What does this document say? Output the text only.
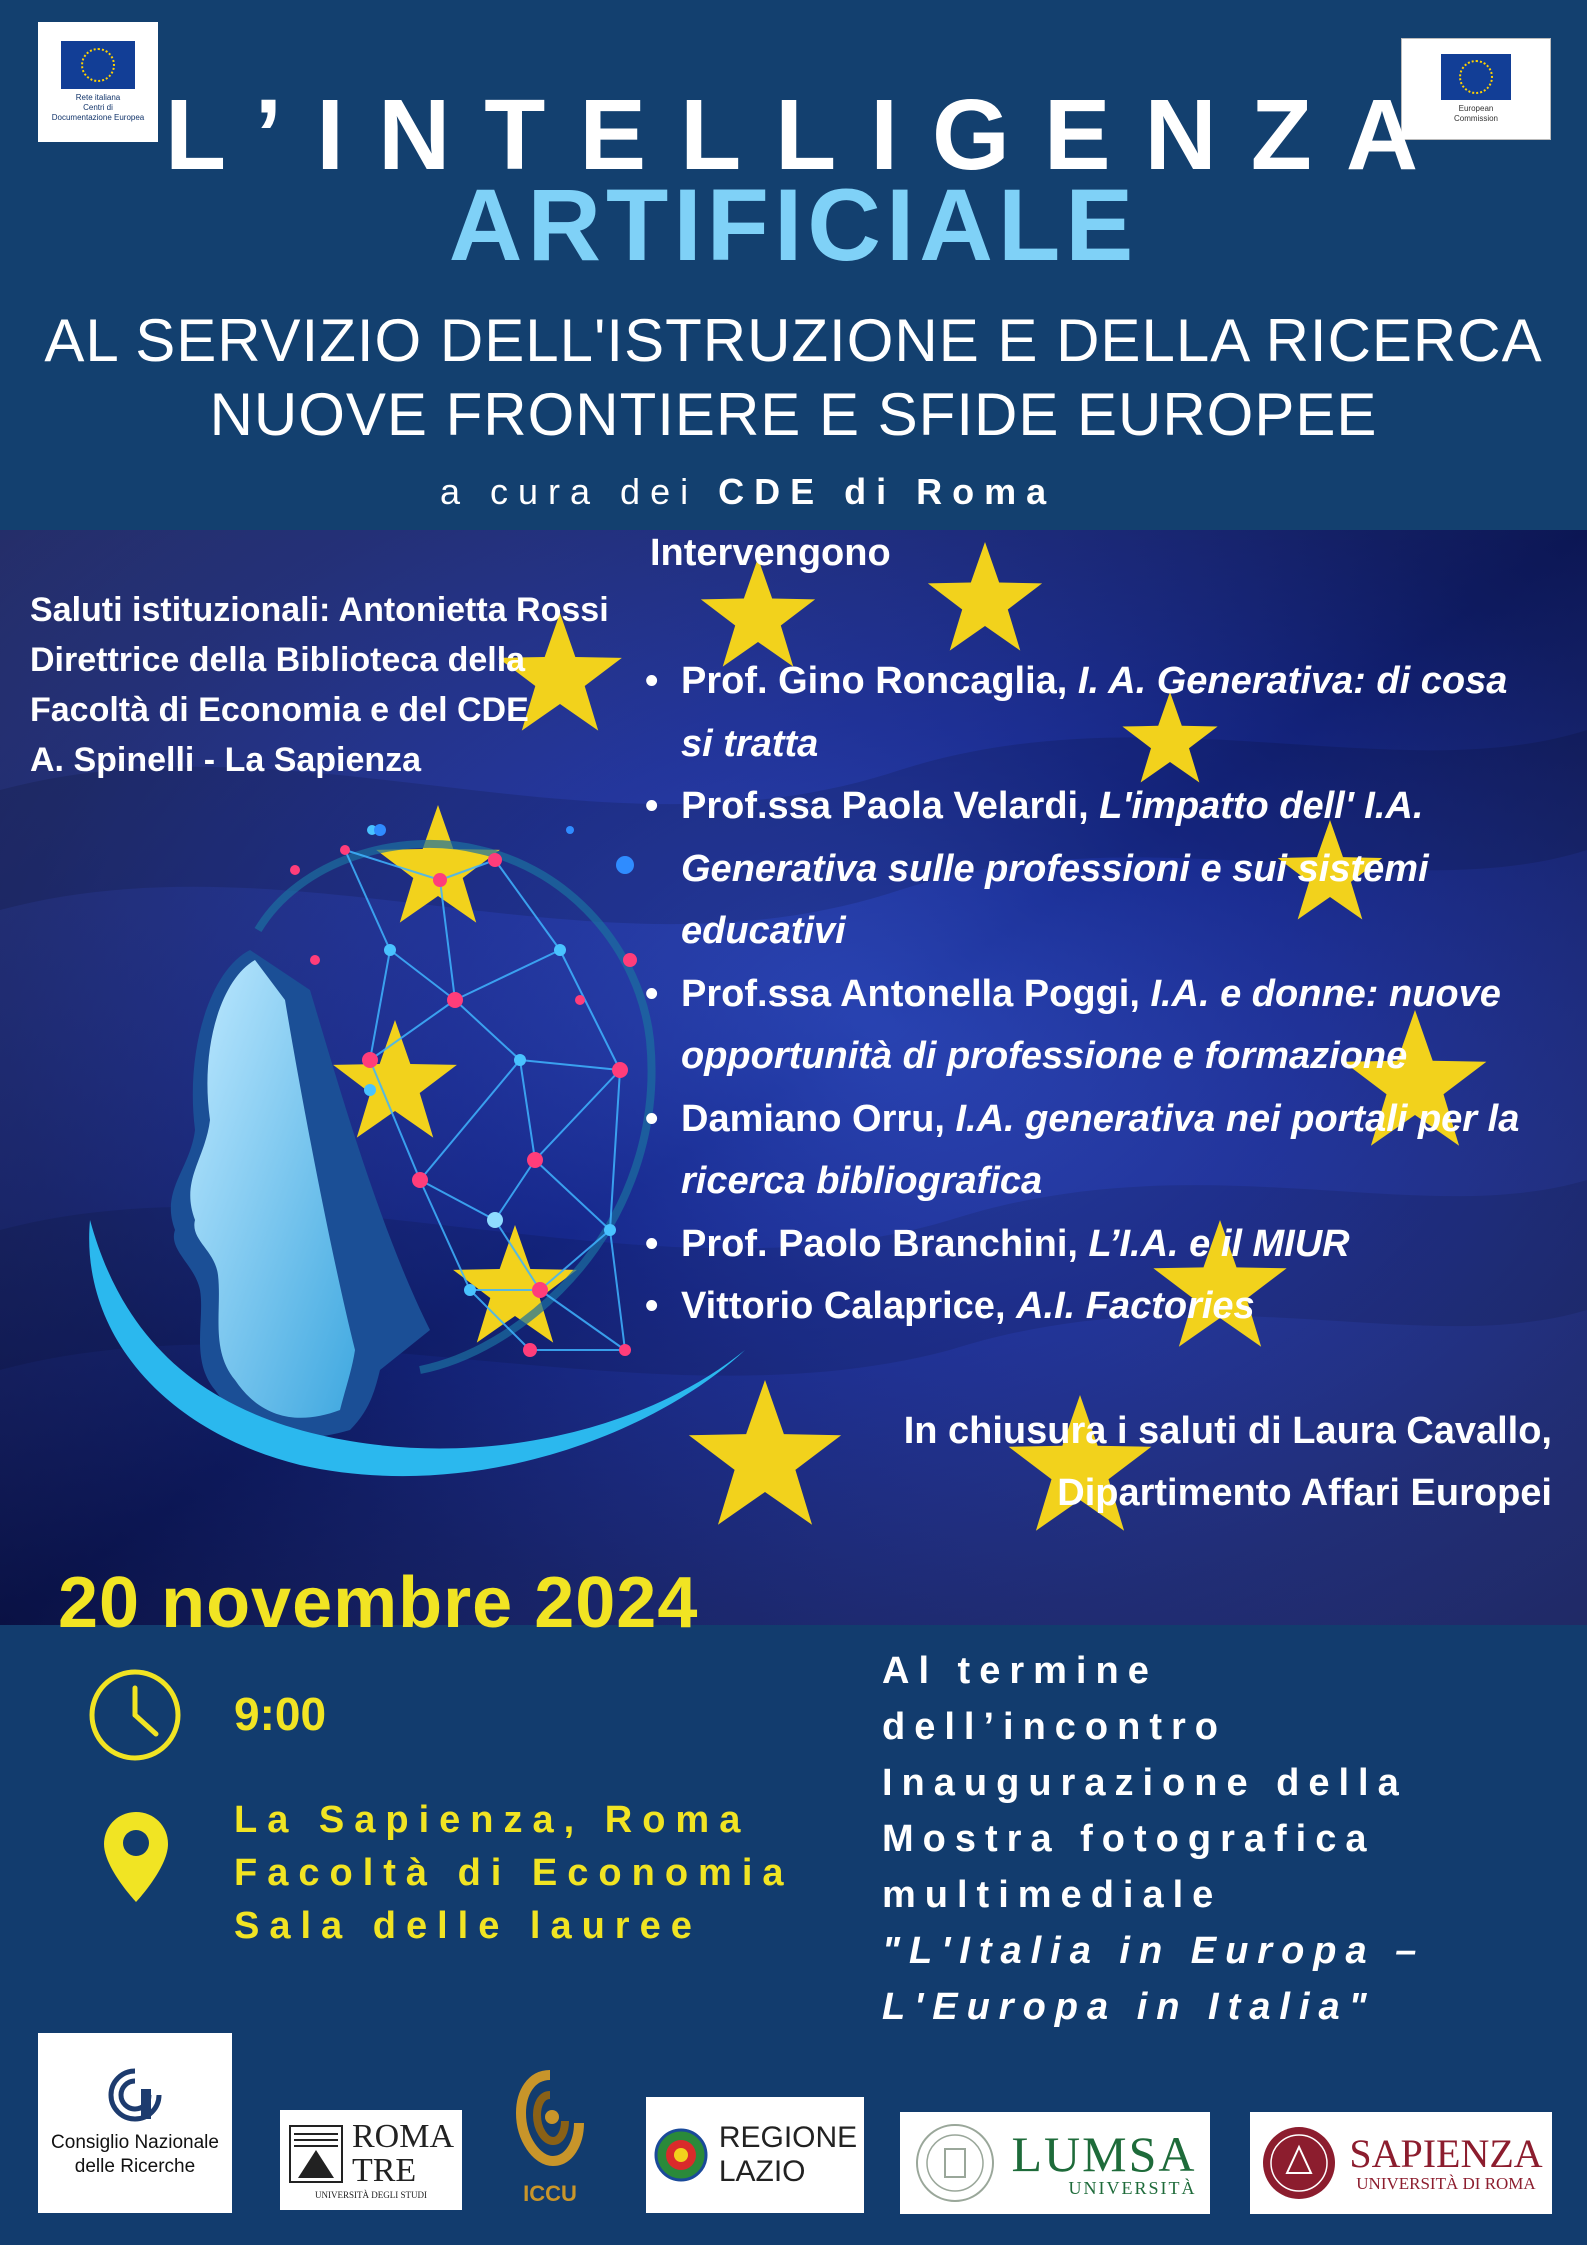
Rete italiana
Centri di
Documentazione Europea
European
Commission
L’INTELLIGENZA
ARTIFICIALE
AL SERVIZIO DELL'ISTRUZIONE E DELLA RICERCA
NUOVE FRONTIERE E SFIDE EUROPEE
a cura dei CDE di Roma
Saluti istituzionali: Antonietta Rossi
Direttrice della Biblioteca della
Facoltà di Economia e del CDE
A. Spinelli - La Sapienza
Intervengono
• Prof. Gino Roncaglia, I. A. Generativa: di cosa si tratta
• Prof.ssa Paola Velardi, L'impatto dell' I.A. Generativa sulle professioni e sui sistemi educativi
• Prof.ssa Antonella Poggi, I.A. e donne: nuove opportunità di professione e formazione
• Damiano Orru, I.A. generativa nei portali per la ricerca bibliografica
• Prof. Paolo Branchini, L’I.A. e il MIUR
• Vittorio Calaprice, A.I. Factories
In chiusura i saluti di Laura Cavallo,
Dipartimento Affari Europei
20 novembre 2024
9:00
La Sapienza, Roma
Facoltà di Economia
Sala delle lauree
Al termine
dell’incontro
Inaugurazione della
Mostra fotografica
multimediale
"L'Italia in Europa –
L'Europa in Italia"
Consiglio Nazionale
delle Ricerche
ROMA
TRE
UNIVERSITÀ DEGLI STUDI	ICCU
REGIONE
LAZIO	LUMSA
UNIVERSITÀ
SAPIENZA
UNIVERSITÀ DI ROMA
